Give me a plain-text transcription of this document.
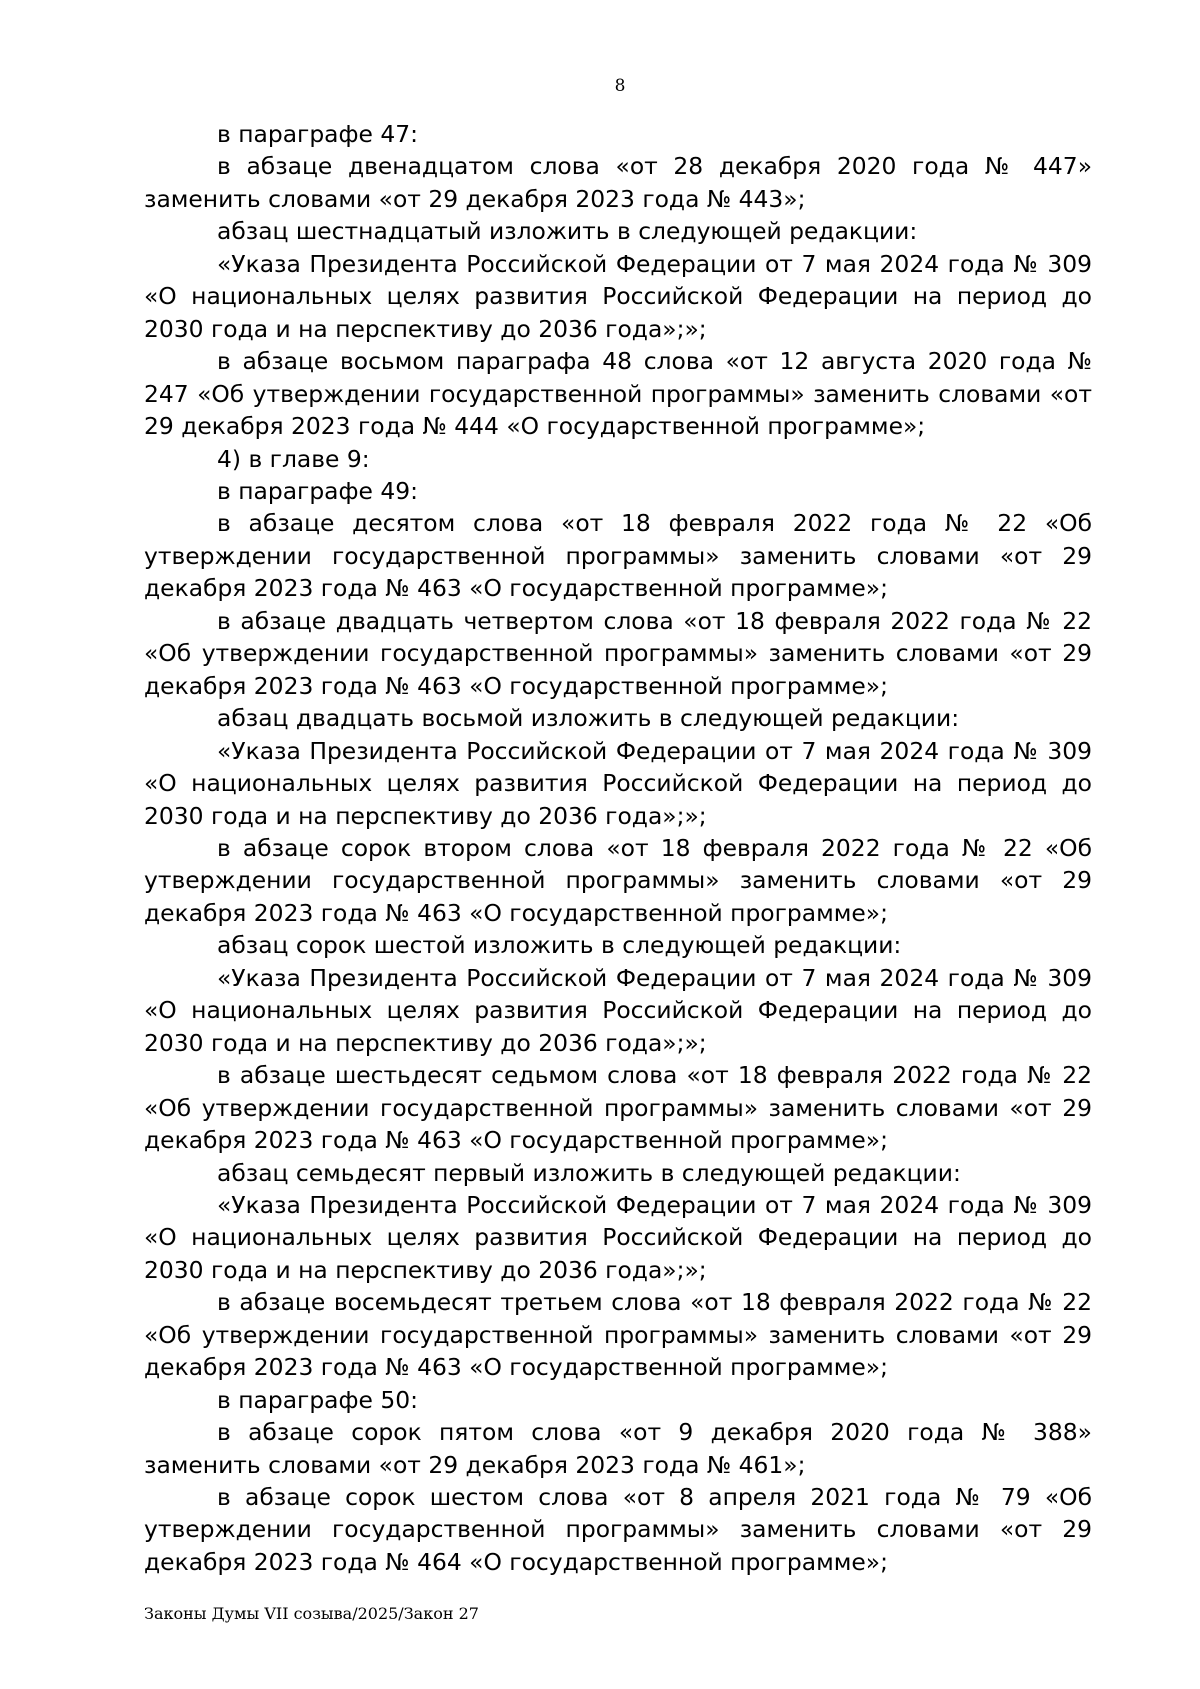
8

в параграфе 47:

в абзаце двенадцатом слова «от 28 декабря 2020 года № 447» заменить словами «от 29 декабря 2023 года № 443»;

абзац шестнадцатый изложить в следующей редакции:

«Указа Президента Российской Федерации от 7 мая 2024 года № 309 «О национальных целях развития Российской Федерации на период до 2030 года и на перспективу до 2036 года»;»;

в абзаце восьмом параграфа 48 слова «от 12 августа 2020 года № 247 «Об утверждении государственной программы» заменить словами «от 29 декабря 2023 года № 444 «О государственной программе»;

4) в главе 9:

в параграфе 49:

в абзаце десятом слова «от 18 февраля 2022 года № 22 «Об утверждении государственной программы» заменить словами «от 29 декабря 2023 года № 463 «О государственной программе»;

в абзаце двадцать четвертом слова «от 18 февраля 2022 года № 22 «Об утверждении государственной программы» заменить словами «от 29 декабря 2023 года № 463 «О государственной программе»;

абзац двадцать восьмой изложить в следующей редакции:

«Указа Президента Российской Федерации от 7 мая 2024 года № 309 «О национальных целях развития Российской Федерации на период до 2030 года и на перспективу до 2036 года»;»;

в абзаце сорок втором слова «от 18 февраля 2022 года № 22 «Об утверждении государственной программы» заменить словами «от 29 декабря 2023 года № 463 «О государственной программе»;

абзац сорок шестой изложить в следующей редакции:

«Указа Президента Российской Федерации от 7 мая 2024 года № 309 «О национальных целях развития Российской Федерации на период до 2030 года и на перспективу до 2036 года»;»;

в абзаце шестьдесят седьмом слова «от 18 февраля 2022 года № 22 «Об утверждении государственной программы» заменить словами «от 29 декабря 2023 года № 463 «О государственной программе»;

абзац семьдесят первый изложить в следующей редакции:

«Указа Президента Российской Федерации от 7 мая 2024 года № 309 «О национальных целях развития Российской Федерации на период до 2030 года и на перспективу до 2036 года»;»;

в абзаце восемьдесят третьем слова «от 18 февраля 2022 года № 22 «Об утверждении государственной программы» заменить словами «от 29 декабря 2023 года № 463 «О государственной программе»;

в параграфе 50:

в абзаце сорок пятом слова «от 9 декабря 2020 года № 388» заменить словами «от 29 декабря 2023 года № 461»;

в абзаце сорок шестом слова «от 8 апреля 2021 года № 79 «Об утверждении государственной программы» заменить словами «от 29 декабря 2023 года № 464 «О государственной программе»;

Законы Думы VII созыва/2025/Закон 27
